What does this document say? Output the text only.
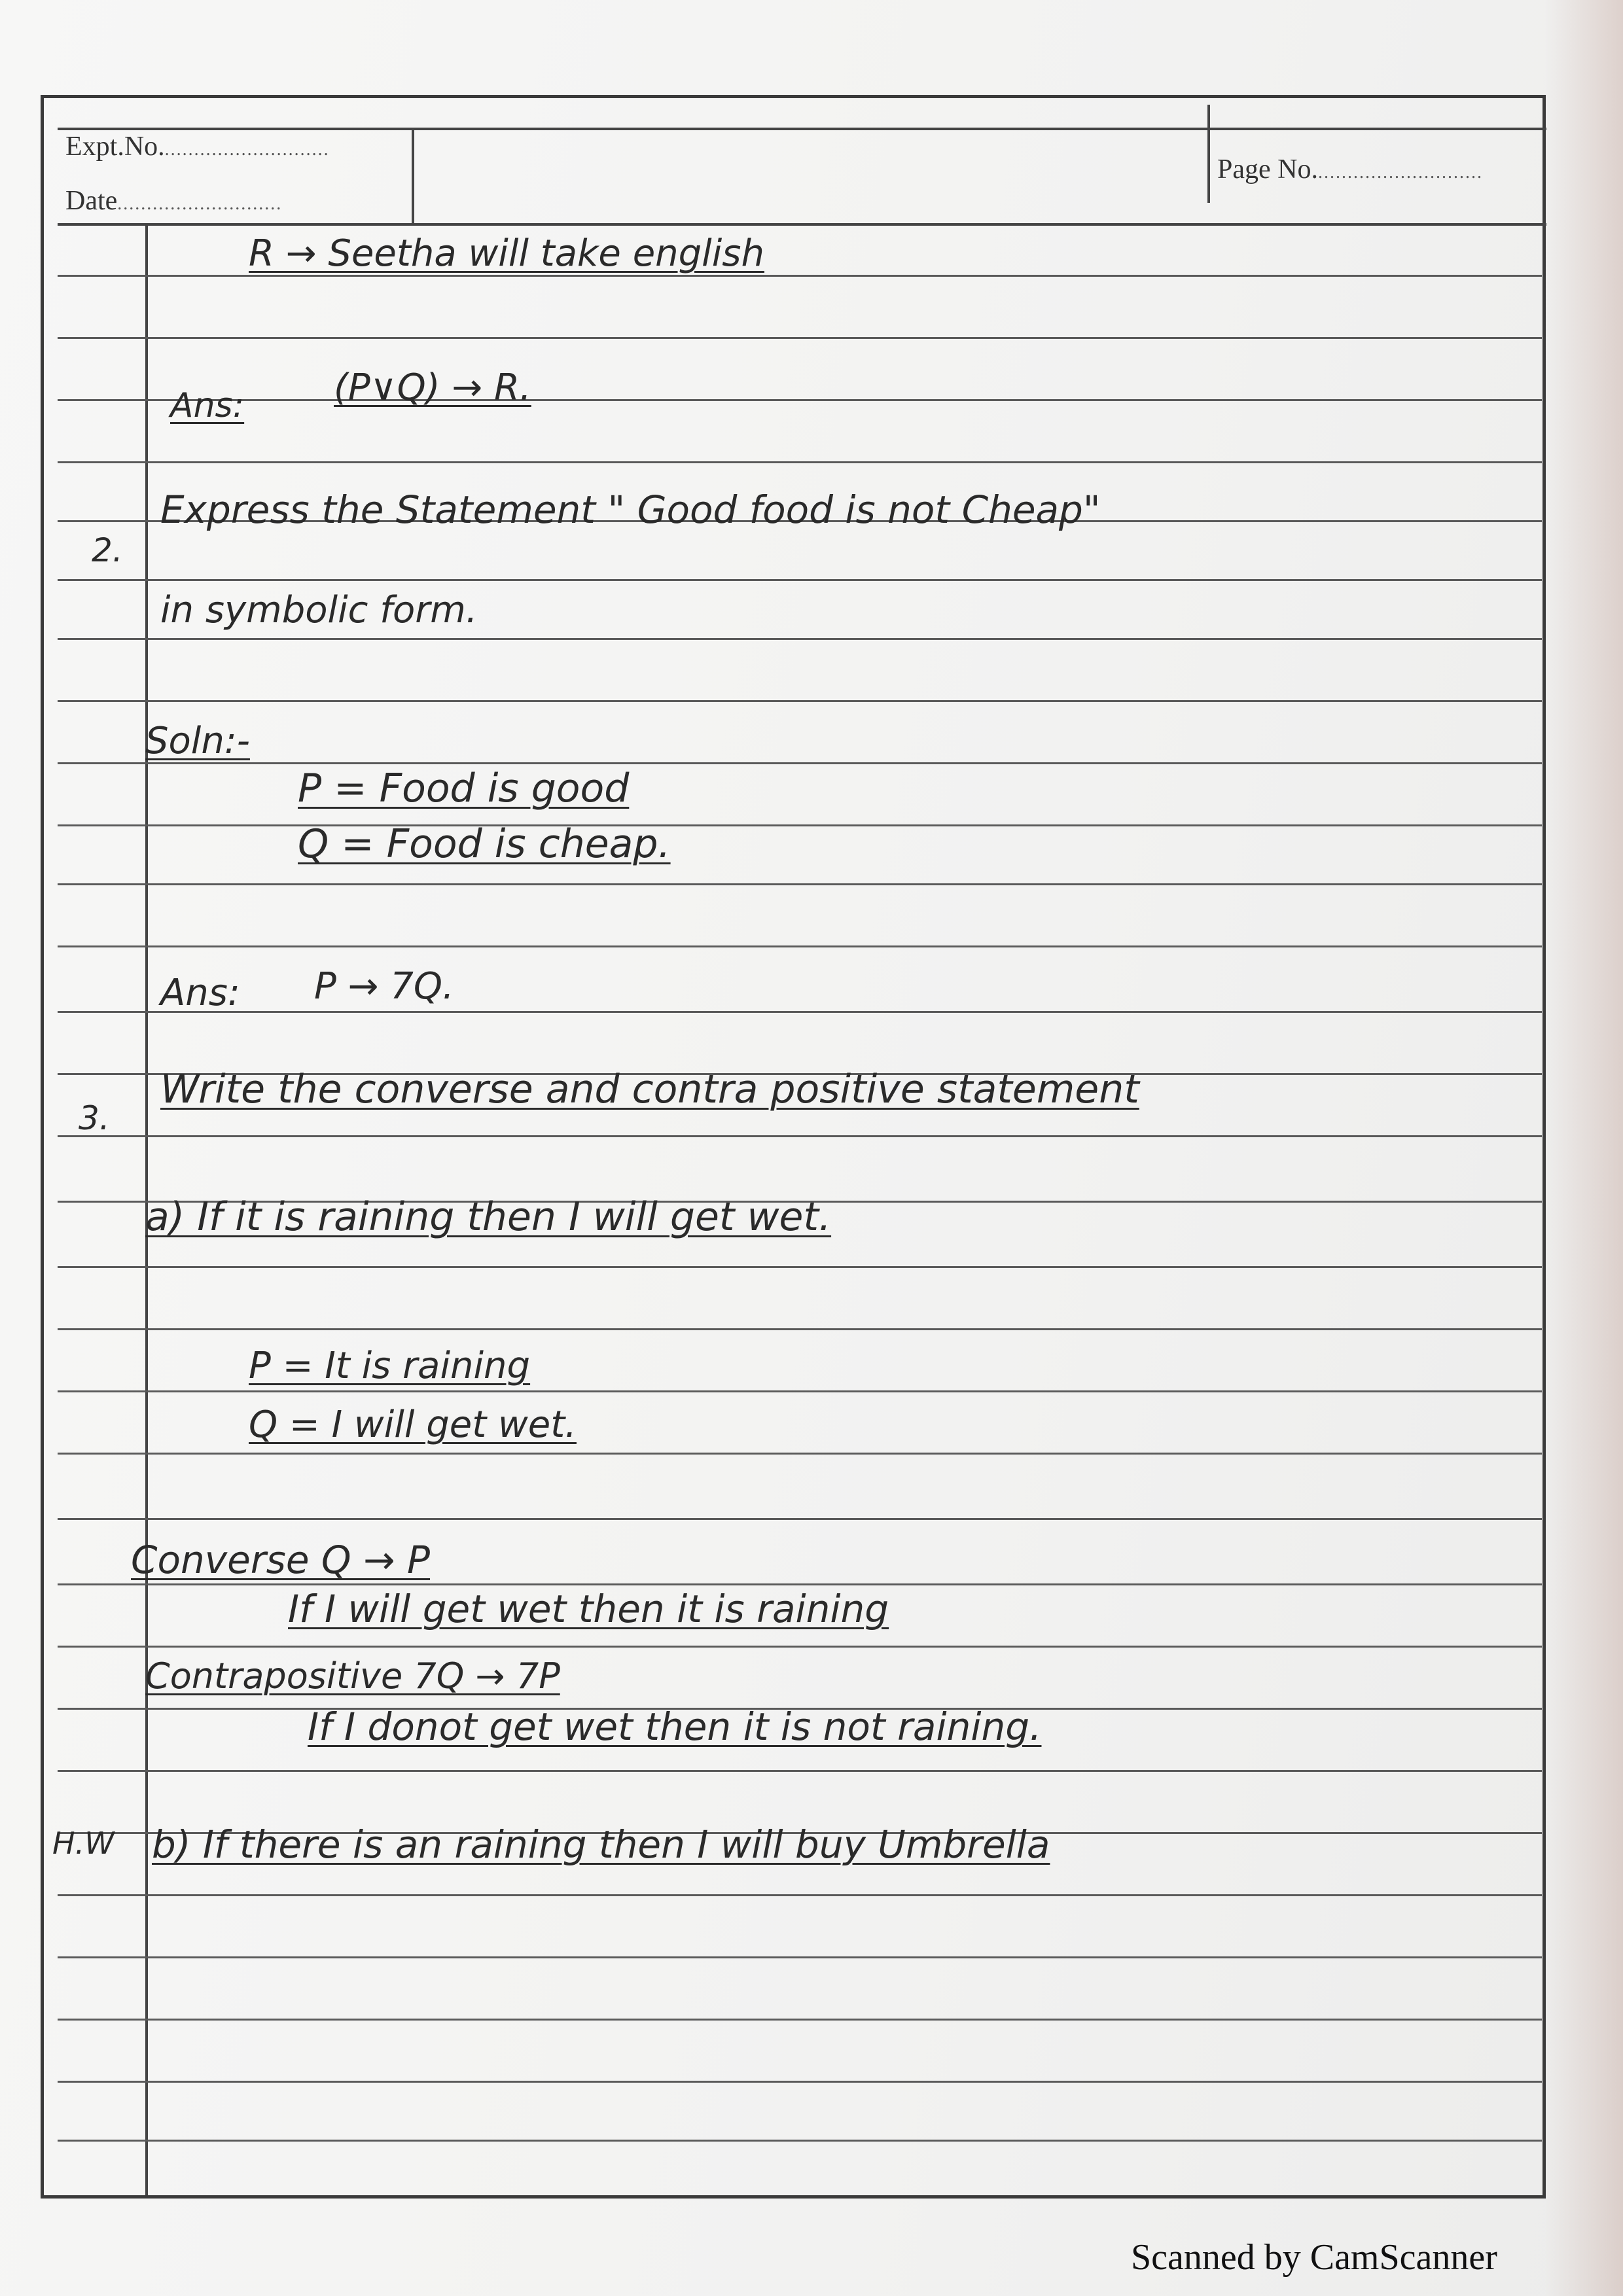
Expt.No.............................
Date............................
Page No.............................
R → Seetha will take english
Ans: (P∨Q) → R.
2.
Express the Statement " Good food is not Cheap"
in symbolic form.
Soln:-
P = Food is good
Q = Food is cheap.
Ans: P → 7Q.
3.
Write the converse and contra positive statement
a) If it is raining then I will get wet.
P = It is raining
Q = I will get wet.
Converse Q → P
If I will get wet then it is raining
Contrapositive 7Q → 7P
If I donot get wet then it is not raining.
H.W b) If there is an raining then I will buy Umbrella
Scanned by CamScanner
